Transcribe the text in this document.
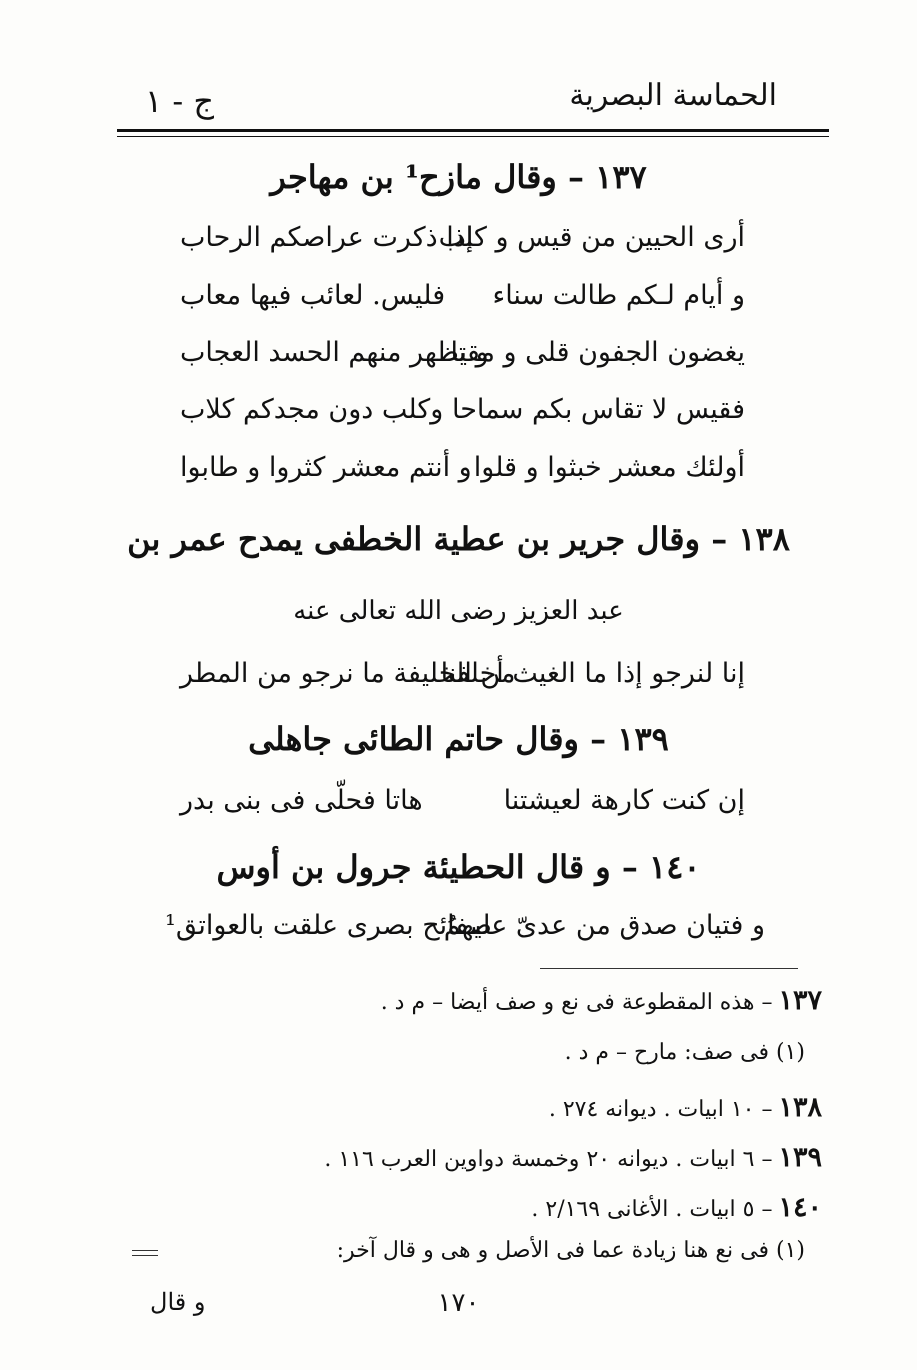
الحماسة البصرية
ج - ١
١٣٧ – وقال مازح¹ بن مهاجر
أرى الحيين من قيس و كلب
إذا ذكرت عراصكم الرحاب
و أيام لـكم طالت سناء
فليس. لعائب فيها معاب
يغضون الجفون قلى و مقتا
و يظهر منهم الحسد العجاب
فقيس لا تقاس بكم سماحا
وكلب دون مجدكم كلاب
أولئك معشر خبثوا و قلوا
و أنتم معشر كثروا و طابوا
١٣٨ – وقال جرير بن عطية الخطفى يمدح عمر بن
عبد العزيز رضى الله تعالى عنه
إنا لنرجو إذا ما الغيث أخلفنا
من الخليفة ما نرجو من المطر
١٣٩ – وقال حاتم الطائى جاهلى
إن كنت كارهة لعيشتنا
هاتا فحلّى فى بنى بدر
١٤٠ – و قال الحطيئة جرول بن أوس
و فتيان صدق من عدىّ عليهمُ
صفائح بصرى علقت بالعواتق¹
١٣٧– هذه المقطوعة فى نع و صف أيضا – م د .
(١) فى صف: مارح – م د .
١٣٨– ١٠ ابيات . ديوانه ٢٧٤ .
١٣٩– ٦ ابيات . ديوانه ٢٠ وخمسة دواوين العرب ١١٦ .
١٤٠– ٥ ابيات . الأغانى ٢/١٦٩ .
(١) فى نع هنا زيادة عما فى الأصل و هى و قال آخر:
١٧٠
و قال
